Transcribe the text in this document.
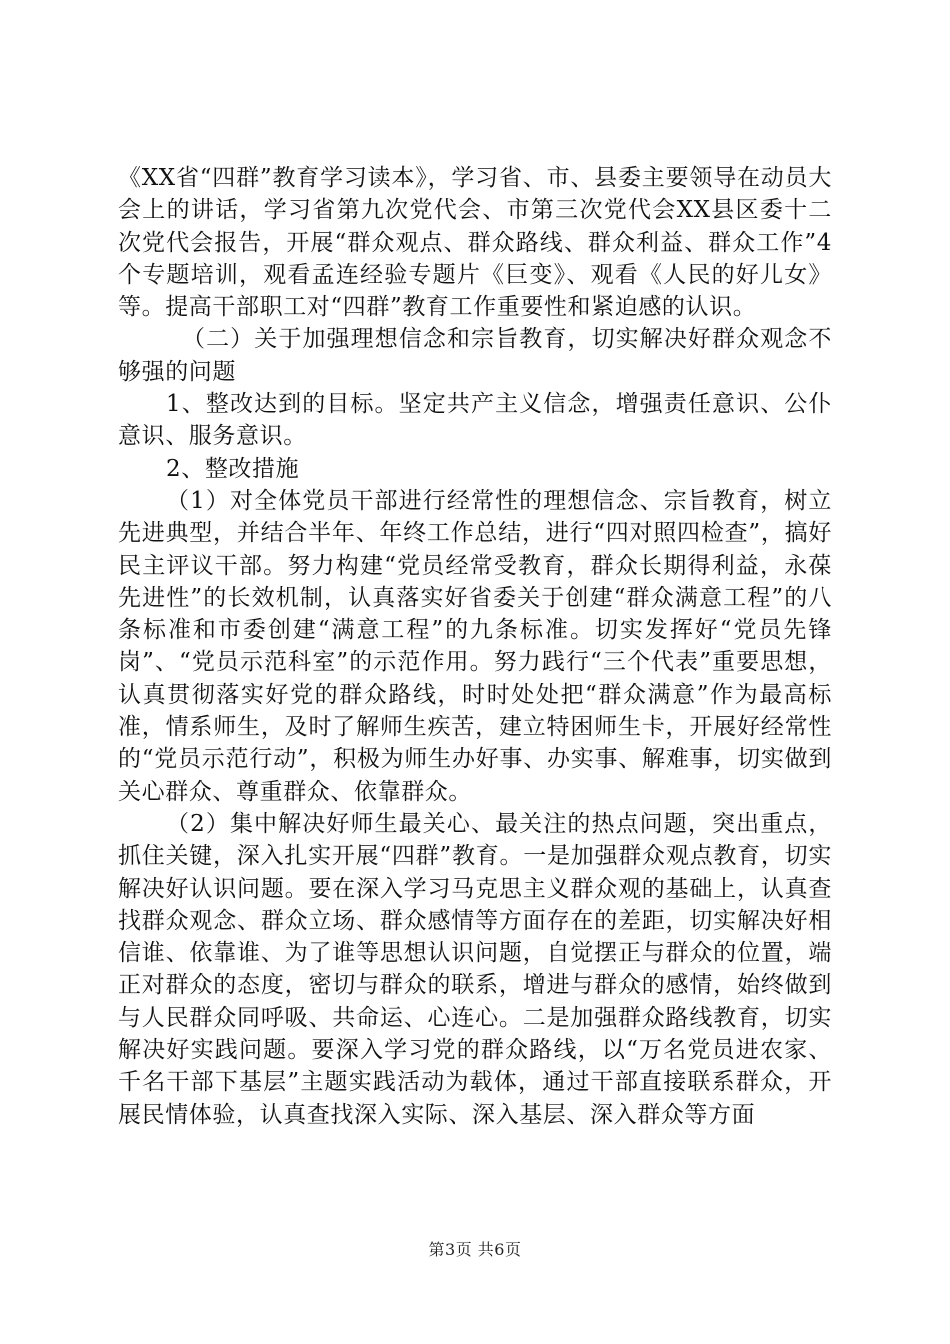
《XX省“四群”教育学习读本》，学习省、市、县委主要领导在动员大会上的讲话，学习省第九次党代会、市第三次党代会XX县区委十二次党代会报告，开展“群众观点、群众路线、群众利益、群众工作”4个专题培训，观看孟连经验专题片《巨变》、观看《人民的好儿女》等。提高干部职工对“四群”教育工作重要性和紧迫感的认识。

（二）关于加强理想信念和宗旨教育，切实解决好群众观念不够强的问题

1、整改达到的目标。坚定共产主义信念，增强责任意识、公仆意识、服务意识。

2、整改措施

（1）对全体党员干部进行经常性的理想信念、宗旨教育，树立先进典型，并结合半年、年终工作总结，进行“四对照四检查”，搞好民主评议干部。努力构建“党员经常受教育，群众长期得利益，永葆先进性”的长效机制，认真落实好省委关于创建“群众满意工程”的八条标准和市委创建“满意工程”的九条标准。切实发挥好“党员先锋岗”、“党员示范科室”的示范作用。努力践行“三个代表”重要思想，认真贯彻落实好党的群众路线，时时处处把“群众满意”作为最高标准，情系师生，及时了解师生疾苦，建立特困师生卡，开展好经常性的“党员示范行动”，积极为师生办好事、办实事、解难事，切实做到关心群众、尊重群众、依靠群众。

（2）集中解决好师生最关心、最关注的热点问题，突出重点，抓住关键，深入扎实开展“四群”教育。一是加强群众观点教育，切实解决好认识问题。要在深入学习马克思主义群众观的基础上，认真查找群众观念、群众立场、群众感情等方面存在的差距，切实解决好相信谁、依靠谁、为了谁等思想认识问题，自觉摆正与群众的位置，端正对群众的态度，密切与群众的联系，增进与群众的感情，始终做到与人民群众同呼吸、共命运、心连心。二是加强群众路线教育，切实解决好实践问题。要深入学习党的群众路线，以“万名党员进农家、千名干部下基层”主题实践活动为载体，通过干部直接联系群众，开展民情体验，认真查找深入实际、深入基层、深入群众等方面

第3页 共6页
